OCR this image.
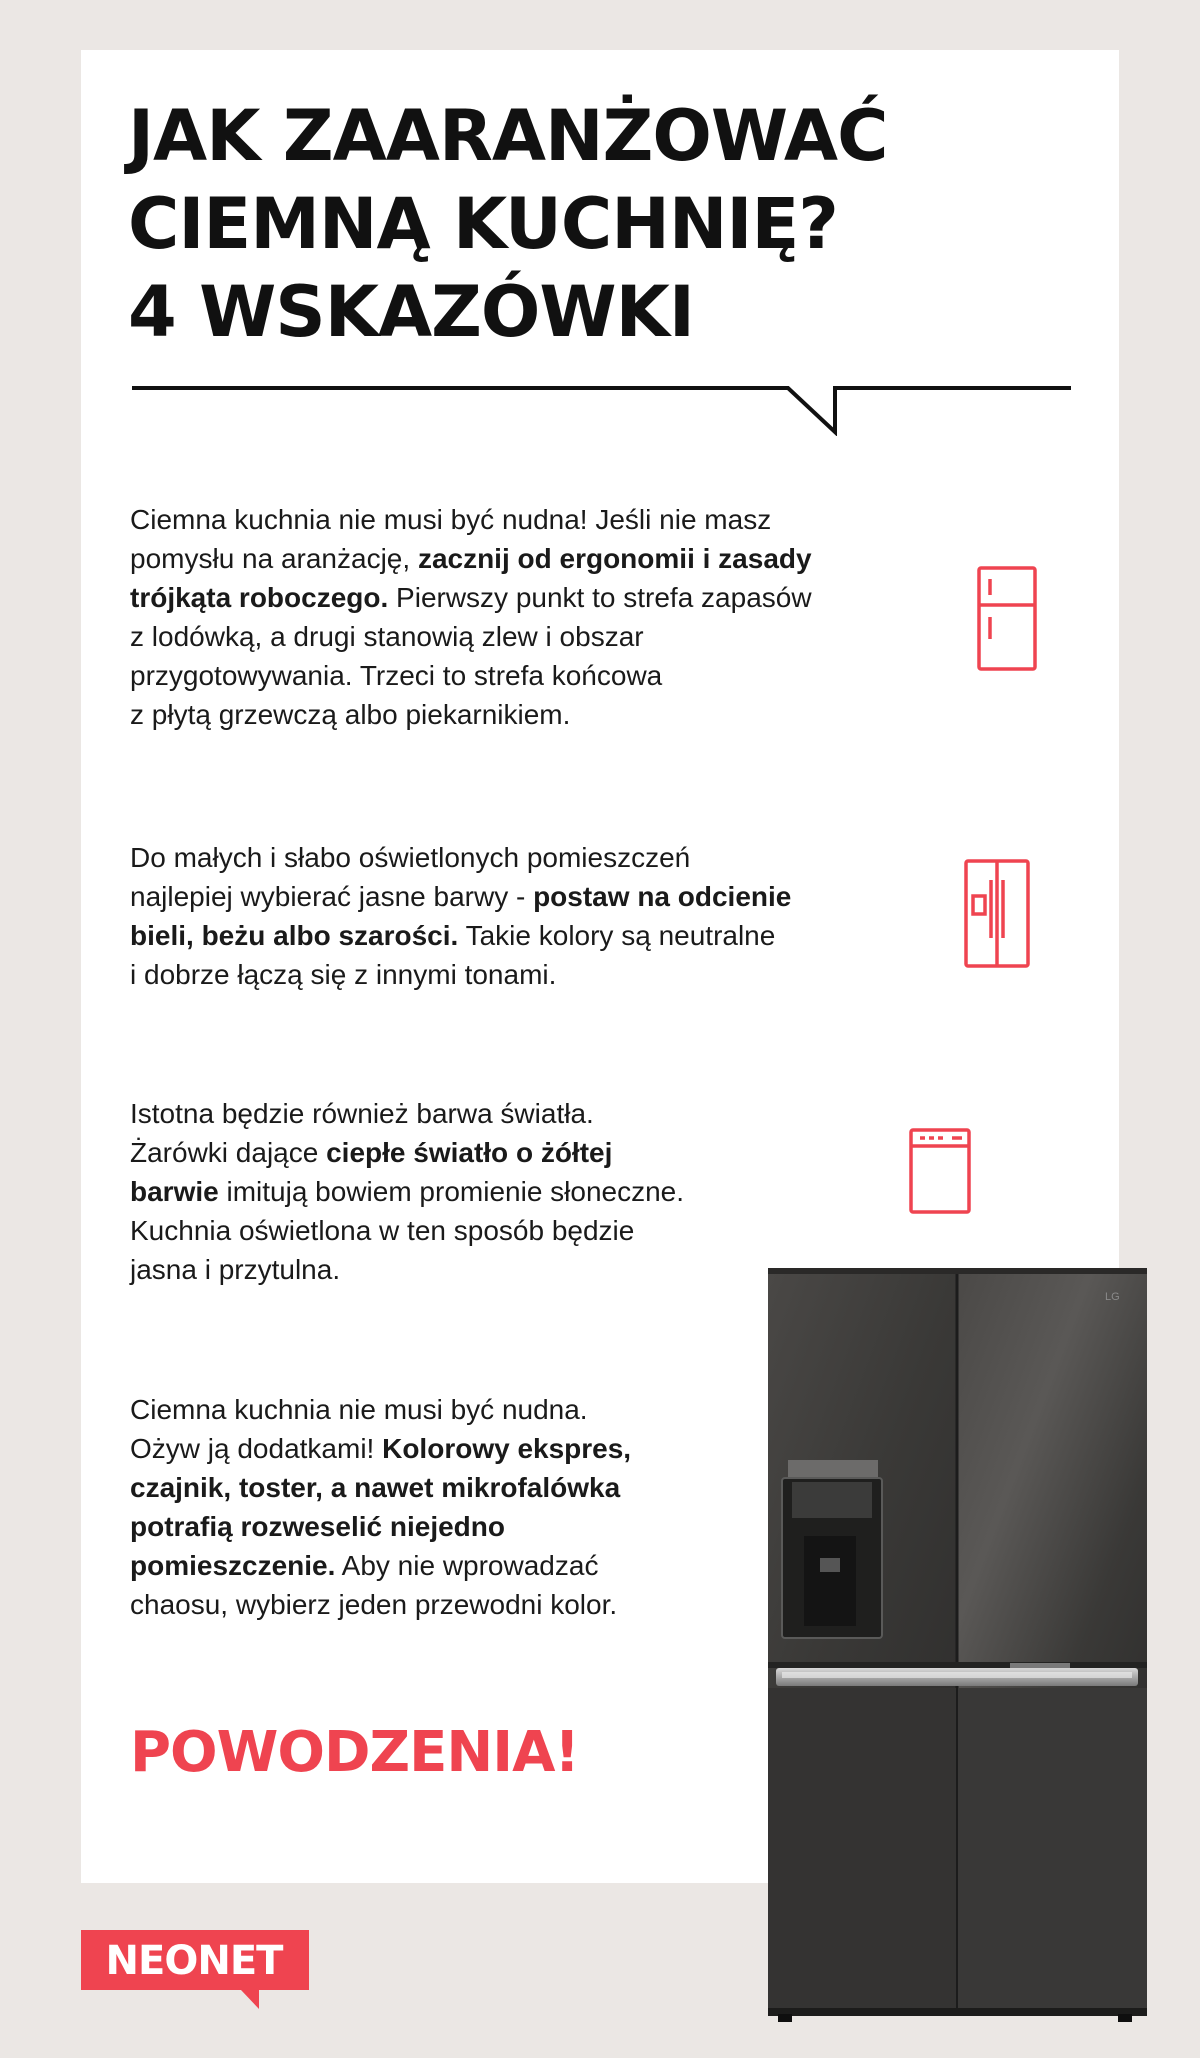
JAK ZAARANŻOWAĆ
CIEMNĄ KUCHNIĘ?
4 WSKAZÓWKI

Ciemna kuchnia nie musi być nudna! Jeśli nie masz

pomysłu na aranżację, zacznij od ergonomii i zasady

trójkąta roboczego. Pierwszy punkt to strefa zapasów

z lodówką, a drugi stanowią zlew i obszar

przygotowywania. Trzeci to strefa końcowa

z płytą grzewczą albo piekarnikiem.

Do małych i słabo oświetlonych pomieszczeń

najlepiej wybierać jasne barwy - postaw na odcienie

bieli, beżu albo szarości. Takie kolory są neutralne

i dobrze łączą się z innymi tonami.

Istotna będzie również barwa światła.

Żarówki dające ciepłe światło o żółtej

barwie imitują bowiem promienie słoneczne.

Kuchnia oświetlona w ten sposób będzie

jasna i przytulna.

Ciemna kuchnia nie musi być nudna.

Ożyw ją dodatkami! Kolorowy ekspres,

czajnik, toster, a nawet mikrofalówka

potrafią rozweselić niejedno

pomieszczenie. Aby nie wprowadzać

chaosu, wybierz jeden przewodni kolor.

POWODZENIA!
NEONET
LG
